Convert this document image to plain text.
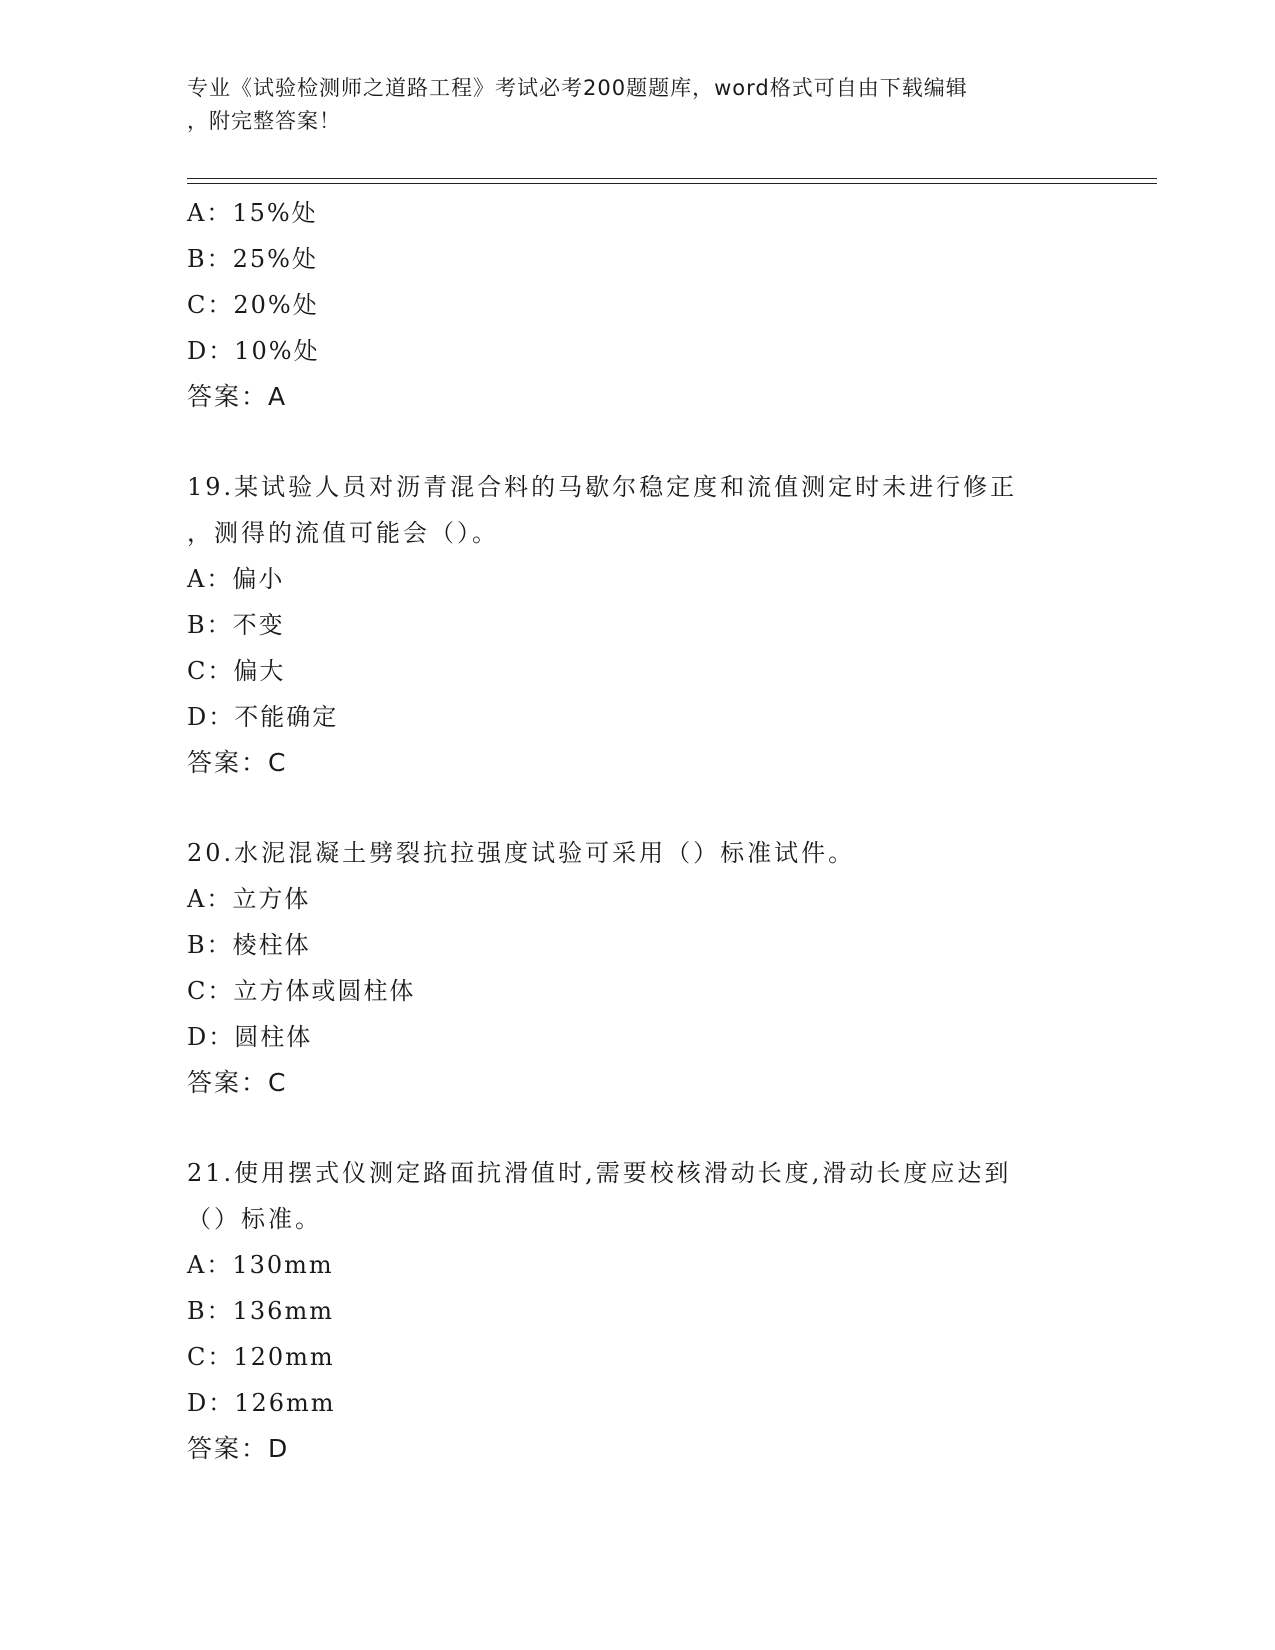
专业《试验检测师之道路工程》考试必考200题题库，word格式可自由下载编辑
，附完整答案！
A：15%处
B：25%处
C：20%处
D：10%处
答案：A
19.某试验人员对沥青混合料的马歇尔稳定度和流值测定时未进行修正
，测得的流值可能会（）。
A：偏小
B：不变
C：偏大
D：不能确定
答案：C
20.水泥混凝土劈裂抗拉强度试验可采用（）标准试件。
A：立方体
B：棱柱体
C：立方体或圆柱体
D：圆柱体
答案：C
21.使用摆式仪测定路面抗滑值时,需要校核滑动长度,滑动长度应达到
（）标准。
A：130mm
B：136mm
C：120mm
D：126mm
答案：D
